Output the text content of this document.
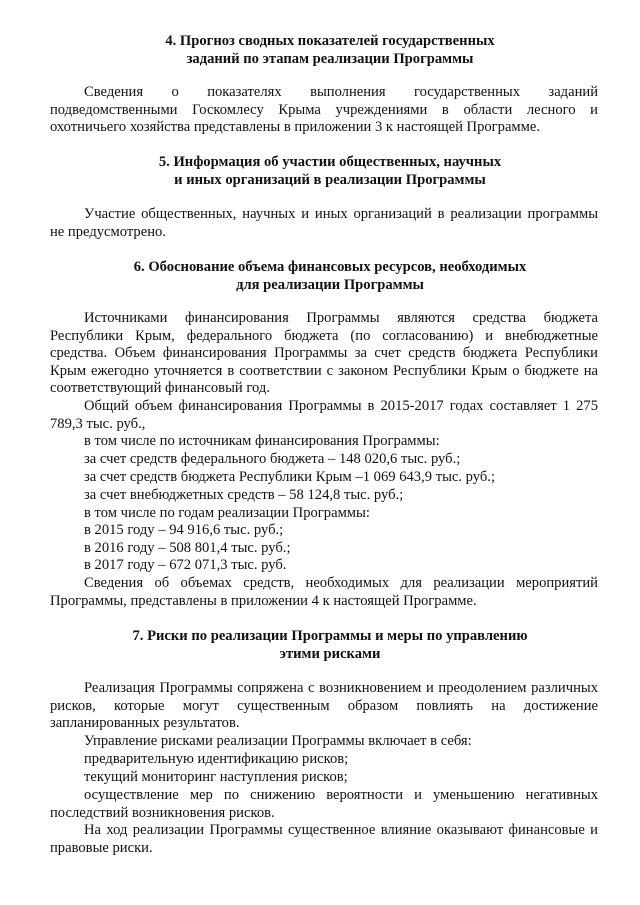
4. Прогноз сводных показателей государственных
заданий по этапам реализации Программы
Сведения о показателях выполнения государственных заданий подведомственными Госкомлесу Крыма учреждениями в области лесного и охотничьего хозяйства представлены в приложении 3 к настоящей Программе.
5. Информация об участии общественных, научных
и иных организаций в реализации Программы
Участие общественных, научных и иных организаций в реализации программы не предусмотрено.
6. Обоснование объема финансовых ресурсов, необходимых
для реализации Программы
Источниками финансирования Программы являются средства бюджета Республики Крым, федерального бюджета (по согласованию) и внебюджетные средства. Объем финансирования Программы за счет средств бюджета Республики Крым ежегодно уточняется в соответствии с законом Республики Крым о бюджете на соответствующий финансовый год.
Общий объем финансирования Программы в 2015-2017 годах составляет 1 275 789,3 тыс. руб.,
в том числе по источникам финансирования Программы:
за счет средств федерального бюджета – 148 020,6 тыс. руб.;
за счет средств бюджета Республики Крым –1 069 643,9 тыс. руб.;
за счет внебюджетных средств – 58 124,8 тыс. руб.;
в том числе по годам реализации Программы:
в 2015 году – 94 916,6 тыс. руб.;
в 2016 году – 508 801,4 тыс. руб.;
в 2017 году – 672 071,3 тыс. руб.
Сведения об объемах средств, необходимых для реализации мероприятий Программы, представлены в приложении 4 к настоящей Программе.
7. Риски по реализации Программы и меры по управлению
этими рисками
Реализация Программы сопряжена с возникновением и преодолением различных рисков, которые могут существенным образом повлиять на достижение запланированных результатов.
Управление рисками реализации Программы включает в себя:
предварительную идентификацию рисков;
текущий мониторинг наступления рисков;
осуществление мер по снижению вероятности и уменьшению негативных последствий возникновения рисков.
На ход реализации Программы существенное влияние оказывают финансовые и правовые риски.
